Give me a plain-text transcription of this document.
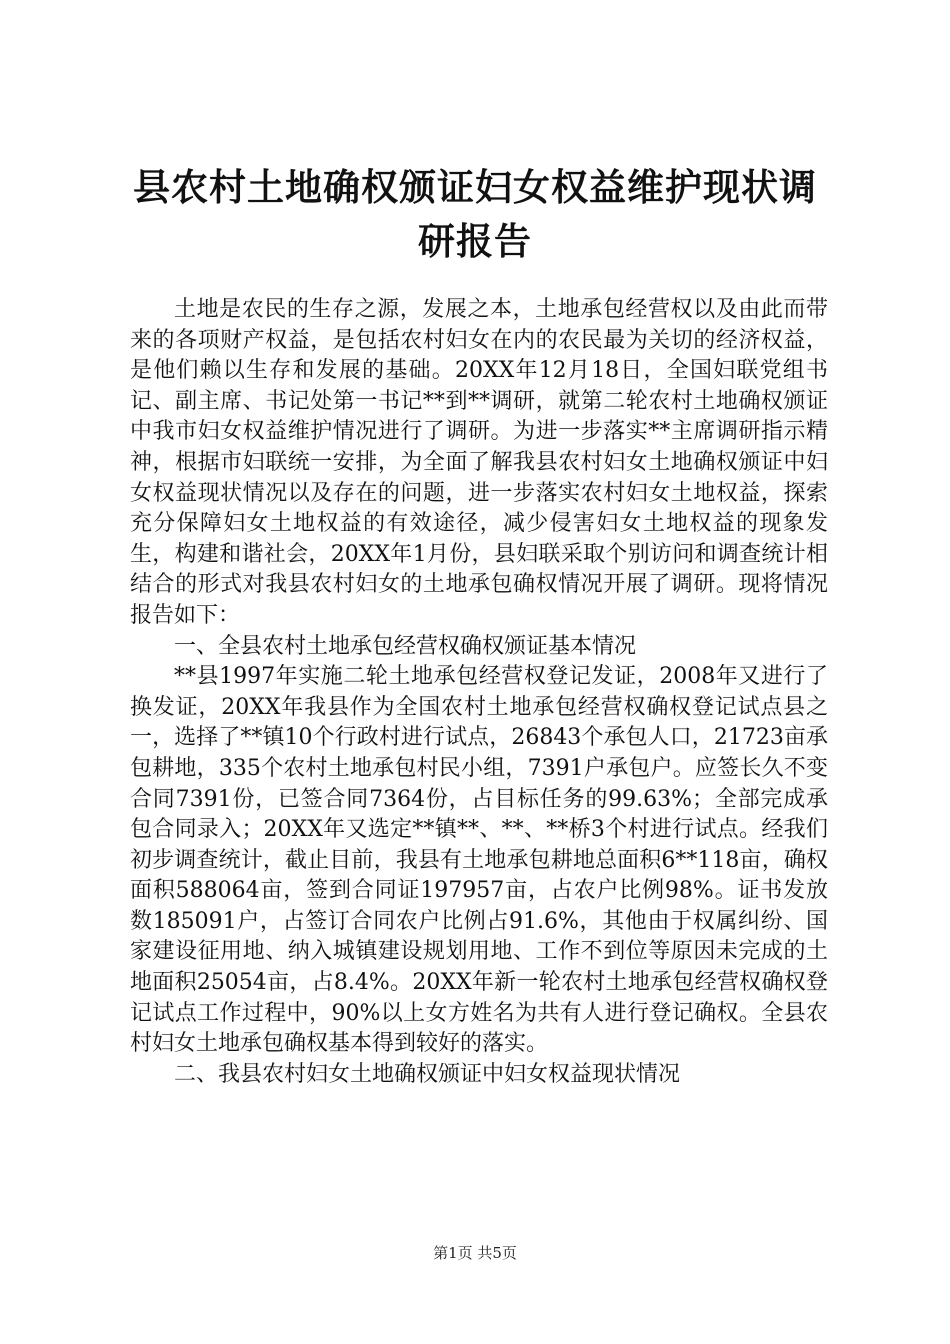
县农村土地确权颁证妇女权益维护现状调研报告

土地是农民的生存之源，发展之本，土地承包经营权以及由此而带来的各项财产权益，是包括农村妇女在内的农民最为关切的经济权益，是他们赖以生存和发展的基础。20XX年12月18日，全国妇联党组书记、副主席、书记处第一书记**到**调研，就第二轮农村土地确权颁证中我市妇女权益维护情况进行了调研。为进一步落实**主席调研指示精神，根据市妇联统一安排，为全面了解我县农村妇女土地确权颁证中妇女权益现状情况以及存在的问题，进一步落实农村妇女土地权益，探索充分保障妇女土地权益的有效途径，减少侵害妇女土地权益的现象发生，构建和谐社会，20XX年1月份，县妇联采取个别访问和调查统计相结合的形式对我县农村妇女的土地承包确权情况开展了调研。现将情况报告如下：

一、全县农村土地承包经营权确权颁证基本情况

**县1997年实施二轮土地承包经营权登记发证，2008年又进行了换发证，20XX年我县作为全国农村土地承包经营权确权登记试点县之一，选择了**镇10个行政村进行试点，26843个承包人口，21723亩承包耕地，335个农村土地承包村民小组，7391户承包户。应签长久不变合同7391份，已签合同7364份，占目标任务的99.63%；全部完成承包合同录入；20XX年又选定**镇**、**、**桥3个村进行试点。经我们初步调查统计，截止目前，我县有土地承包耕地总面积6**118亩，确权面积588064亩，签到合同证197957亩，占农户比例98%。证书发放数185091户，占签订合同农户比例占91.6%，其他由于权属纠纷、国家建设征用地、纳入城镇建设规划用地、工作不到位等原因未完成的土地面积25054亩，占8.4%。20XX年新一轮农村土地承包经营权确权登记试点工作过程中，90%以上女方姓名为共有人进行登记确权。全县农村妇女土地承包确权基本得到较好的落实。

二、我县农村妇女土地确权颁证中妇女权益现状情况

第1页 共5页
